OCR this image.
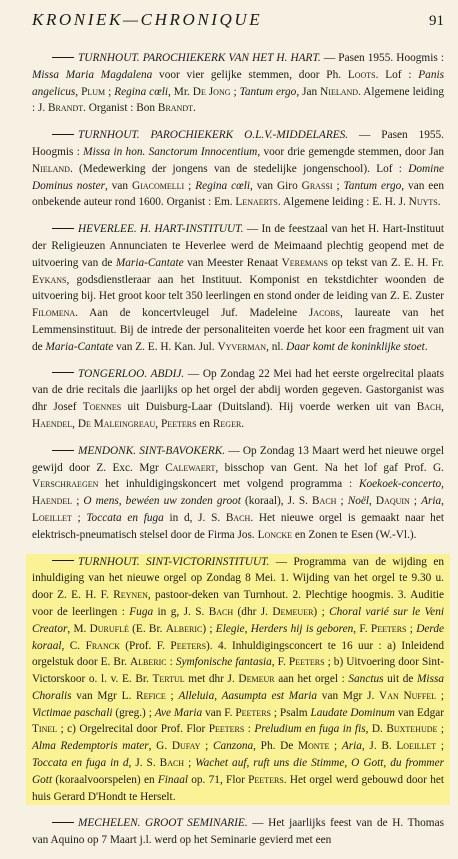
KRONIEK—CHRONIQUE	91

TURNHOUT. PAROCHIEKERK VAN HET H. HART. — Pasen 1955. Hoogmis : Missa Maria Magdalena voor vier gelijke stemmen, door Ph. Loots. Lof : Panis angelicus, Plum ; Regina cœli, Mr. De Jong ; Tantum ergo, Jan Nieland. Algemene leiding : J. Brandt. Organist : Bon Brandt.

TURNHOUT. PAROCHIEKERK O.L.V.-MIDDELARES. — Pasen 1955. Hoogmis : Missa in hon. Sanctorum Innocentium, voor drie gemengde stemmen, door Jan Nieland. (Medewerking der jongens van de stedelijke jongenschool). Lof : Domine Dominus noster, van Giacomelli ; Regina cœli, van Giro Grassi ; Tantum ergo, van een onbekende auteur rond 1600. Organist : Em. Lenaerts. Algemene leiding : E. H. J. Nuyts.

HEVERLEE. H. HART-INSTITUUT. — In de feestzaal van het H. Hart-Instituut der Religieuzen Annunciaten te Heverlee werd de Meimaand plechtig geopend met de uitvoering van de Maria-Cantate van Meester Renaat Veremans op tekst van Z. E. H. Fr. Eykans, godsdienstleraar aan het Instituut. Komponist en tekstdichter woonden de uitvoering bij. Het groot koor telt 350 leerlingen en stond onder de leiding van Z. E. Zuster Filomena. Aan de koncertvleugel Juf. Madeleine Jacobs, laureate van het Lemmensinstituut. Bij de intrede der personaliteiten voerde het koor een fragment uit van de Maria-Cantate van Z. E. H. Kan. Jul. Vyverman, nl. Daar komt de koninklijke stoet.

TONGERLOO. ABDIJ. — Op Zondag 22 Mei had het eerste orgelrecital plaats van de drie recitals die jaarlijks op het orgel der abdij worden gegeven. Gastorganist was dhr Josef Toennes uit Duisburg-Laar (Duitsland). Hij voerde werken uit van Bach, Haendel, De Maleingreau, Peeters en Reger.

MENDONK. SINT-BAVOKERK. — Op Zondag 13 Maart werd het nieuwe orgel gewijd door Z. Exc. Mgr Calewaert, bisschop van Gent. Na het lof gaf Prof. G. Verschraegen het inhuldigingskoncert met volgend programma : Koekoek-concerto, Haendel ; O mens, bewéen uw zonden groot (koraal), J. S. Bach ; Noël, Daquin ; Aria, Loeillet ; Toccata en fuga in d, J. S. Bach. Het nieuwe orgel is gemaakt naar het elektrisch-pneumatisch stelsel door de Firma Jos. Loncke en Zonen te Esen (W.-Vl.).

TURNHOUT. SINT-VICTORINSTITUUT. — Programma van de wijding en inhuldiging van het nieuwe orgel op Zondag 8 Mei. 1. Wijding van het orgel te 9.30 u. door Z. E. H. F. Reynen, pastoor-deken van Turnhout. 2. Plechtige hoogmis. 3. Auditie voor de leerlingen : Fuga in g, J. S. Bach (dhr J. Demeuer) ; Choral varié sur le Veni Creator, M. Duruflé (E. Br. Alberic) ; Elegie, Herders hij is geboren, F. Peeters ; Derde koraal, C. Franck (Prof. F. Peeters). 4. Inhuldigingsconcert te 16 uur : a) Inleidend orgelstuk door E. Br. Alberic : Symfonische fantasia, F. Peeters ; b) Uitvoering door Sint-Victorskoor o. l. v. E. Br. Tertul met dhr J. Demeur aan het orgel : Sanctus uit de Missa Choralis van Mgr L. Refice ; Alleluia, Aasumpta est Maria van Mgr J. Van Nuffel ; Victimae paschali (greg.) ; Ave Maria van F. Peeters ; Psalm Laudate Dominum van Edgar Tinel ; c) Orgelrecital door Prof. Flor Peeters : Preludium en fuga in fis, D. Buxtehude ; Alma Redemptoris mater, G. Dufay ; Canzona, Ph. De Monte ; Aria, J. B. Loeillet ; Toccata en fuga in d, J. S. Bach ; Wachet auf, ruft uns die Stimme, O Gott, du frommer Gott (koraalvoorspelen) en Finaal op. 71, Flor Peeters. Het orgel werd gebouwd door het huis Gerard D'Hondt te Herselt.

MECHELEN. GROOT SEMINARIE. — Het jaarlijks feest van de H. Thomas van Aquino op 7 Maart j.l. werd op het Seminarie gevierd met een
